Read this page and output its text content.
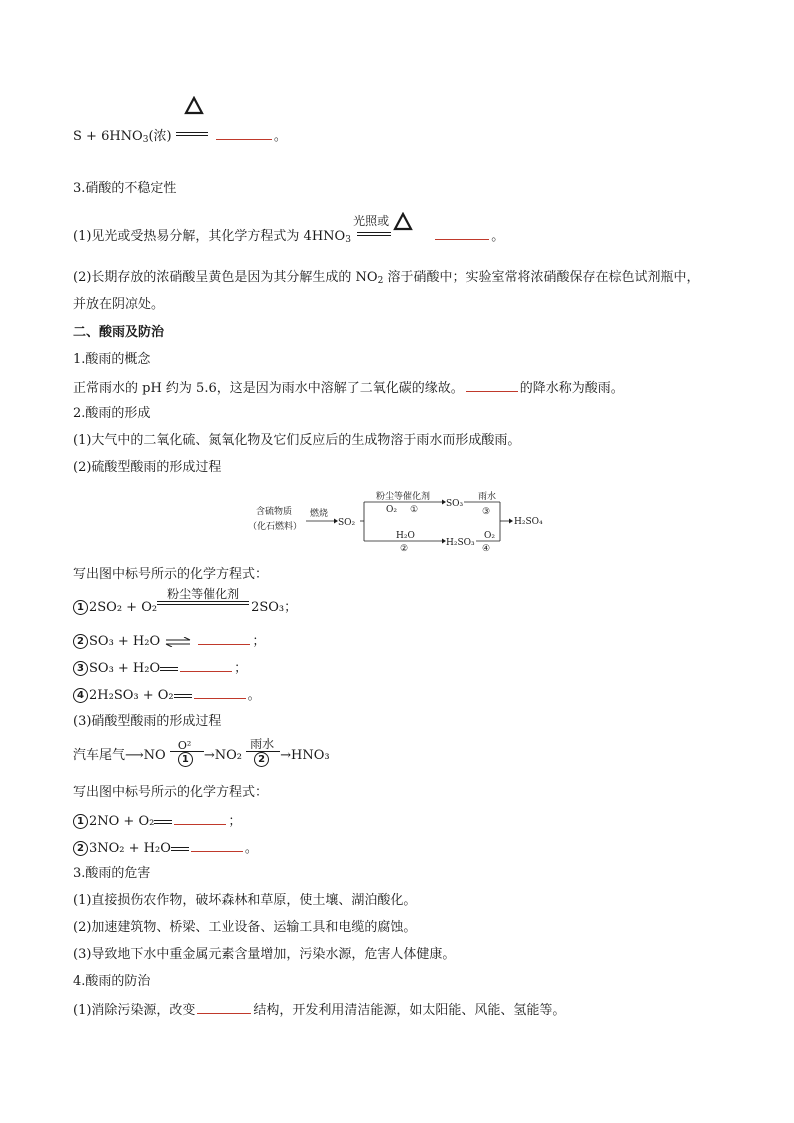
$S + 6HNO_3$(浓)	。
3.硝酸的不稳定性
(1)见光或受热易分解，其化学方程式为 $4HNO_3$
光照或
。
(2)长期存放的浓硝酸呈黄色是因为其分解生成的 $NO_2$ 溶于硝酸中；实验室常将浓硝酸保存在棕色试剂瓶中，
并放在阴凉处。
二、酸雨及防治
1.酸雨的概念
正常雨水的 pH 约为 5.6，这是因为雨水中溶解了二氧化碳的缘故。	的降水称为酸雨。
2.酸雨的形成
(1)大气中的二氧化硫、氮氧化物及它们反应后的生成物溶于雨水而形成酸雨。
(2)硫酸型酸雨的形成过程
含硫物质
（化石燃料）
燃烧
SO₂
粉尘等催化剂
O₂ ①
SO₃
雨水
③
H₂O
②
H₂SO₃
O₂
④
H₂SO₄
写出图中标号所示的化学方程式：
1 2SO₂ + O₂
粉尘等催化剂
2SO₃；
2 SO₃ + H₂O ⇌	；
3 SO₃ + H₂O	；
4 2H₂SO₃ + O₂	。
(3)硝酸型酸雨的形成过程
汽车尾气⟶NO $\frac{\text{O²}}{1} \to NO_2$
雨水
2	→HNO₃
写出图中标号所示的化学方程式：
1 2NO + O₂	；
2 3NO₂ + H₂O	。
3.酸雨的危害
(1)直接损伤农作物，破坏森林和草原，使土壤、湖泊酸化。
(2)加速建筑物、桥梁、工业设备、运输工具和电缆的腐蚀。
(3)导致地下水中重金属元素含量增加，污染水源，危害人体健康。
4.酸雨的防治
(1)消除污染源，改变	结构，开发利用清洁能源，如太阳能、风能、氢能等。
